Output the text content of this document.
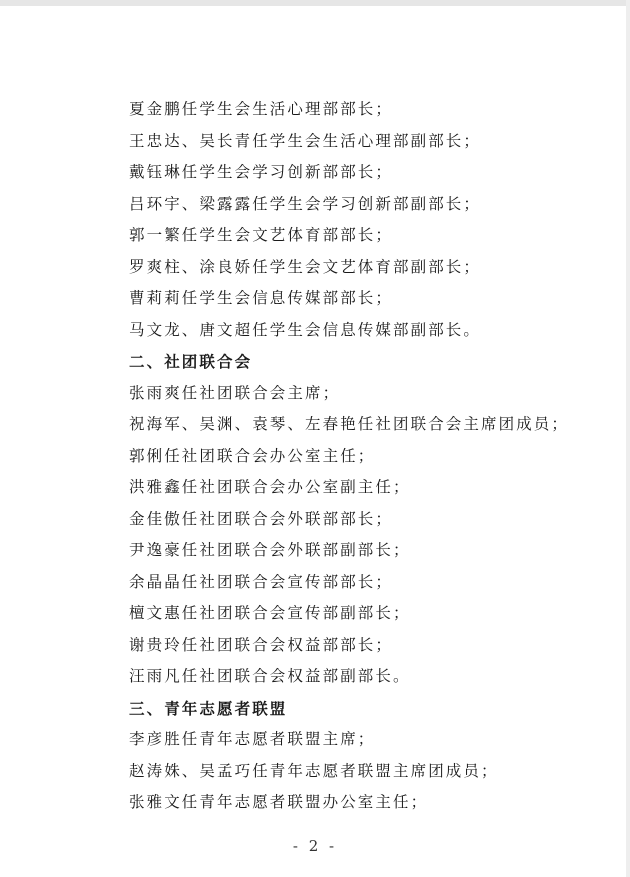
夏金鹏任学生会生活心理部部长；
王忠达、吴长青任学生会生活心理部副部长；
戴钰琳任学生会学习创新部部长；
吕环宇、梁露露任学生会学习创新部副部长；
郭一繁任学生会文艺体育部部长；
罗爽柱、涂良娇任学生会文艺体育部副部长；
曹莉莉任学生会信息传媒部部长；
马文龙、唐文超任学生会信息传媒部副部长。
二、社团联合会
张雨爽任社团联合会主席；
祝海军、吴渊、袁琴、左春艳任社团联合会主席团成员；
郭俐任社团联合会办公室主任；
洪雅鑫任社团联合会办公室副主任；
金佳傲任社团联合会外联部部长；
尹逸豪任社团联合会外联部副部长；
余晶晶任社团联合会宣传部部长；
檀文惠任社团联合会宣传部副部长；
谢贵玲任社团联合会权益部部长；
汪雨凡任社团联合会权益部副部长。
三、青年志愿者联盟
李彦胜任青年志愿者联盟主席；
赵涛姝、吴孟巧任青年志愿者联盟主席团成员；
张雅文任青年志愿者联盟办公室主任；
- 2 -
